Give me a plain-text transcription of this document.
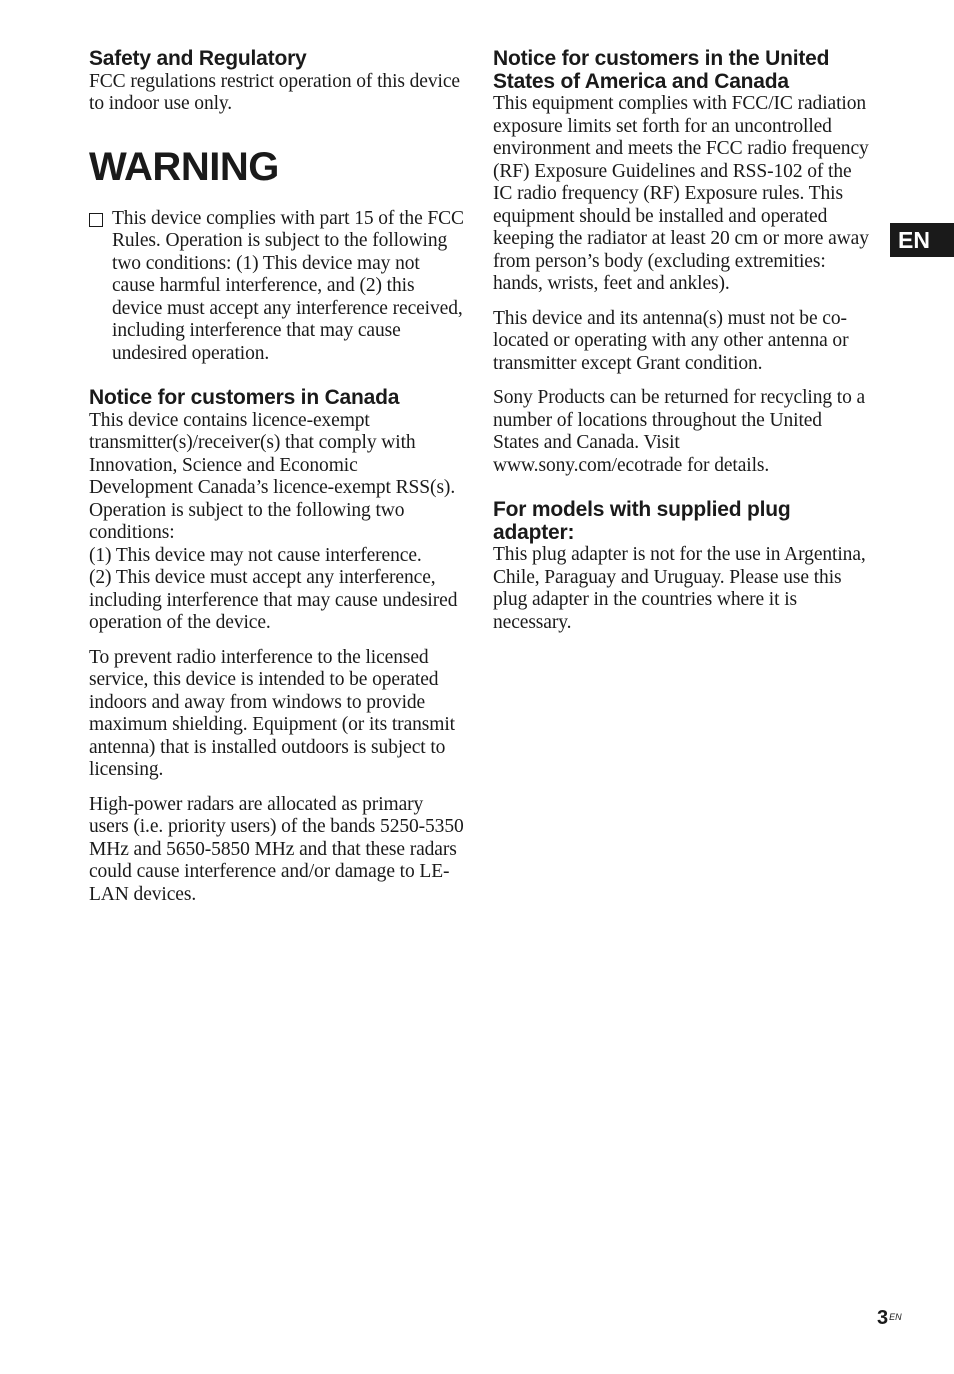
Safety and Regulatory

FCC regulations restrict operation of this device to indoor use only.

WARNING

This device complies with part 15 of the FCC Rules. Operation is subject to the following two conditions: (1) This device may not cause harmful interference, and (2) this device must accept any interference received, including interference that may cause undesired operation.

Notice for customers in Canada

This device contains licence-exempt transmitter(s)/receiver(s) that comply with Innovation, Science and Economic Development Canada’s licence-exempt RSS(s). Operation is subject to the following two conditions:

(1) This device may not cause interference.

(2) This device must accept any interference, including interference that may cause undesired operation of the device.

To prevent radio interference to the licensed service, this device is intended to be operated indoors and away from windows to provide maximum shielding. Equipment (or its transmit antenna) that is installed outdoors is subject to licensing.

High-power radars are allocated as primary users (i.e. priority users) of the bands 5250-5350 MHz and 5650-5850 MHz and that these radars could cause interference and/or damage to LE-LAN devices.

Notice for customers in the United States of America and Canada

This equipment complies with FCC/IC radiation exposure limits set forth for an uncontrolled environment and meets the FCC radio frequency (RF) Exposure Guidelines and RSS-102 of the IC radio frequency (RF) Exposure rules. This equipment should be installed and operated keeping the radiator at least 20 cm or more away from person’s body (excluding extremities: hands, wrists, feet and ankles).

This device and its antenna(s) must not be co-located or operating with any other antenna or transmitter except Grant condition.

Sony Products can be returned for recycling to a number of locations throughout the United States and Canada. Visit www.sony.com/ecotrade for details.

For models with supplied plug adapter:

This plug adapter is not for the use in Argentina, Chile, Paraguay and Uruguay. Please use this plug adapter in the countries where it is necessary.

EN
$3^{EN}$
